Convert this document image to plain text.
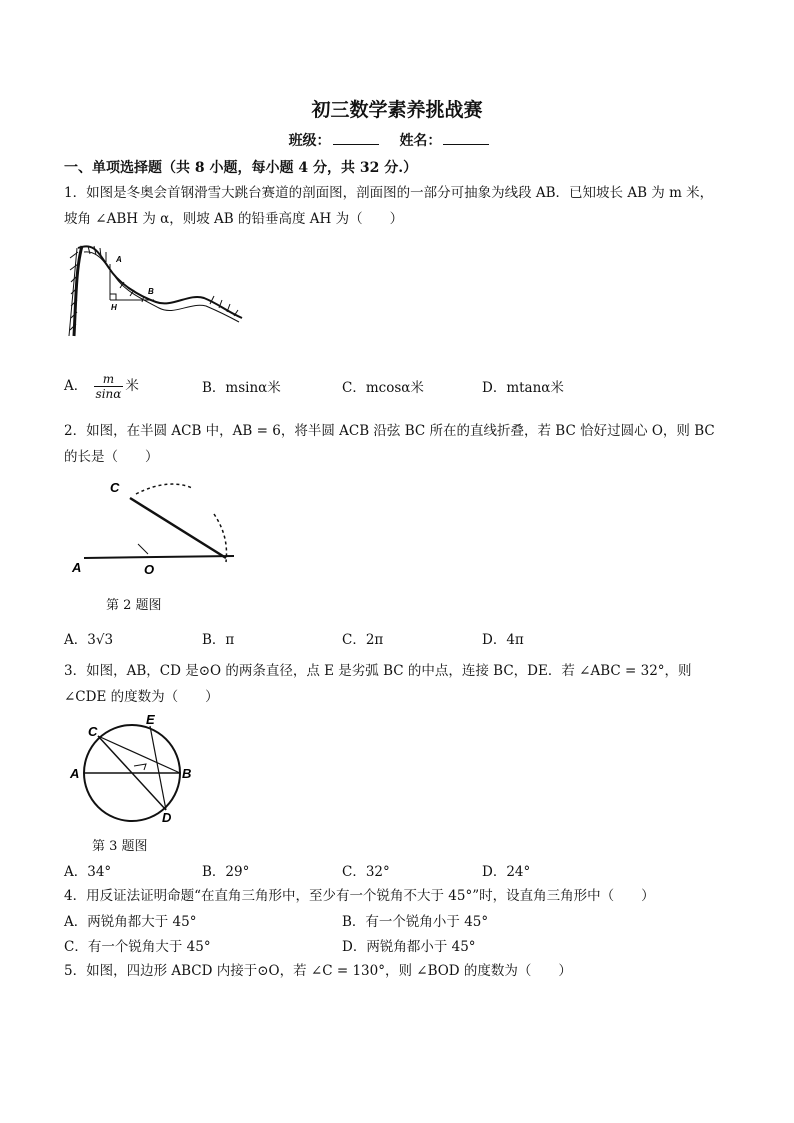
初三数学素养挑战赛
班级：	姓名：
一、单项选择题（共 8 小题，每小题 4 分，共 32 分.）
1．如图是冬奥会首钢滑雪大跳台赛道的剖面图，剖面图的一部分可抽象为线段 AB．已知坡长 AB 为 m 米，
坡角 ∠ABH 为 α，则坡 AB 的铅垂高度 AH 为（　　）
A
B
H
A． $\frac{m}{\sin\alpha}$ 米	B．msinα米	C．mcosα米	D．mtanα米
2．如图，在半圆 ACB 中，AB = 6，将半圆 ACB 沿弦 BC 所在的直线折叠，若 BC 恰好过圆心 O，则 BC
的长是（　　）
C
A	O
第 2 题图
A．3√3	B．π	C．2π	D．4π
3．如图，AB，CD 是⊙O 的两条直径，点 E 是劣弧 BC 的中点，连接 BC，DE．若 ∠ABC = 32°，则
∠CDE 的度数为（　　）
C
E
A	B
D
第 3 题图
A．34°	B．29°	C．32°	D．24°
4．用反证法证明命题“在直角三角形中，至少有一个锐角不大于 45°”时，设直角三角形中（　　）
A．两锐角都大于 45°	B．有一个锐角小于 45°
C．有一个锐角大于 45°	D．两锐角都小于 45°
5．如图，四边形 ABCD 内接于⊙O，若 ∠C = 130°，则 ∠BOD 的度数为（　　）
